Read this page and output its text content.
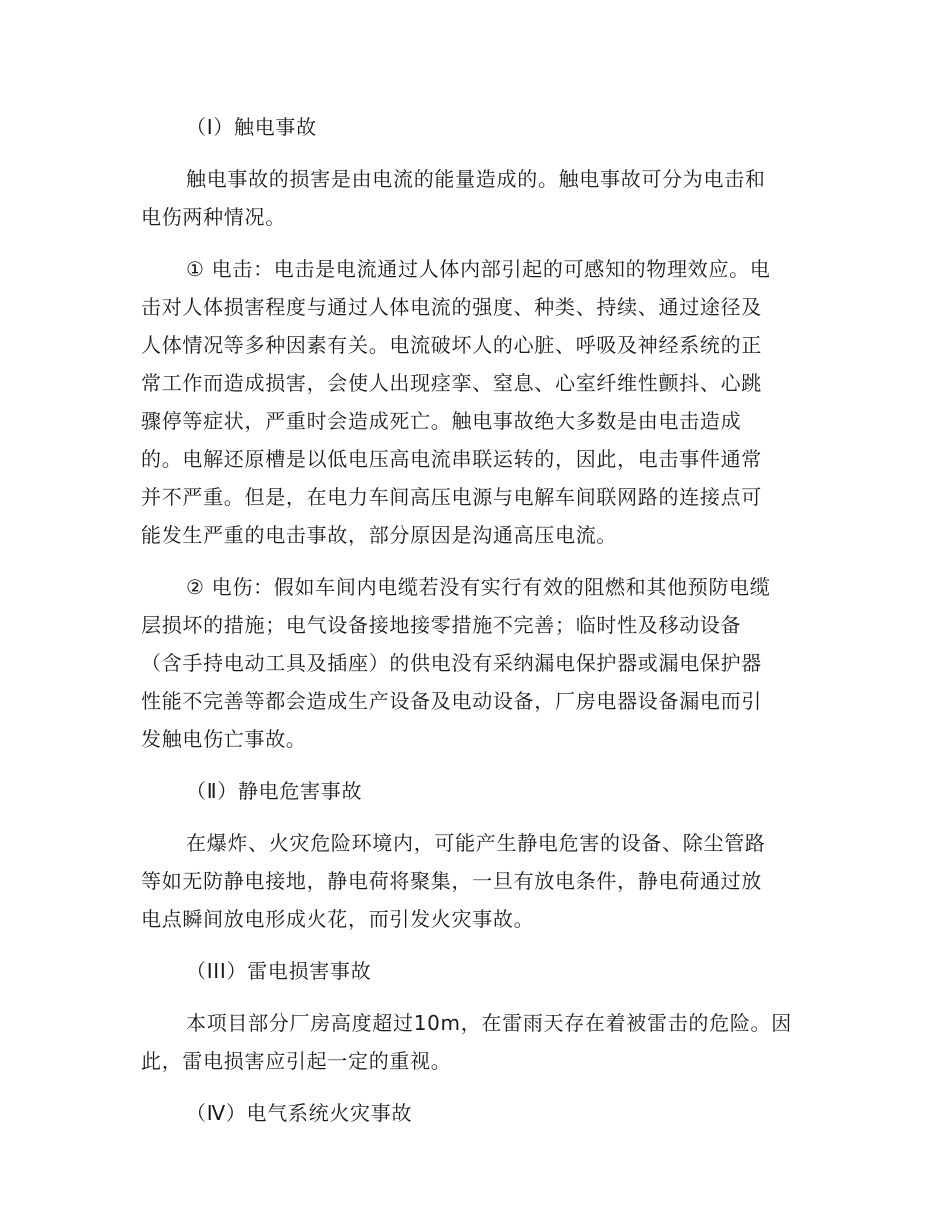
（Ⅰ）触电事故
触电事故的损害是由电流的能量造成的。触电事故可分为电击和
电伤两种情况。
① 电击：电击是电流通过人体内部引起的可感知的物理效应。电
击对人体损害程度与通过人体电流的强度、种类、持续、通过途径及
人体情况等多种因素有关。电流破坏人的心脏、呼吸及神经系统的正
常工作而造成损害，会使人出现痉挛、窒息、心室纤维性颤抖、心跳
骤停等症状，严重时会造成死亡。触电事故绝大多数是由电击造成
的。电解还原槽是以低电压高电流串联运转的，因此，电击事件通常
并不严重。但是，在电力车间高压电源与电解车间联网路的连接点可
能发生严重的电击事故，部分原因是沟通高压电流。
② 电伤：假如车间内电缆若没有实行有效的阻燃和其他预防电缆
层损坏的措施；电气设备接地接零措施不完善；临时性及移动设备
（含手持电动工具及插座）的供电没有采纳漏电保护器或漏电保护器
性能不完善等都会造成生产设备及电动设备，厂房电器设备漏电而引
发触电伤亡事故。
（Ⅱ）静电危害事故
在爆炸、火灾危险环境内，可能产生静电危害的设备、除尘管路
等如无防静电接地，静电荷将聚集，一旦有放电条件，静电荷通过放
电点瞬间放电形成火花，而引发火灾事故。
（III）雷电损害事故
本项目部分厂房高度超过10m，在雷雨天存在着被雷击的危险。因
此，雷电损害应引起一定的重视。
（Ⅳ）电气系统火灾事故
